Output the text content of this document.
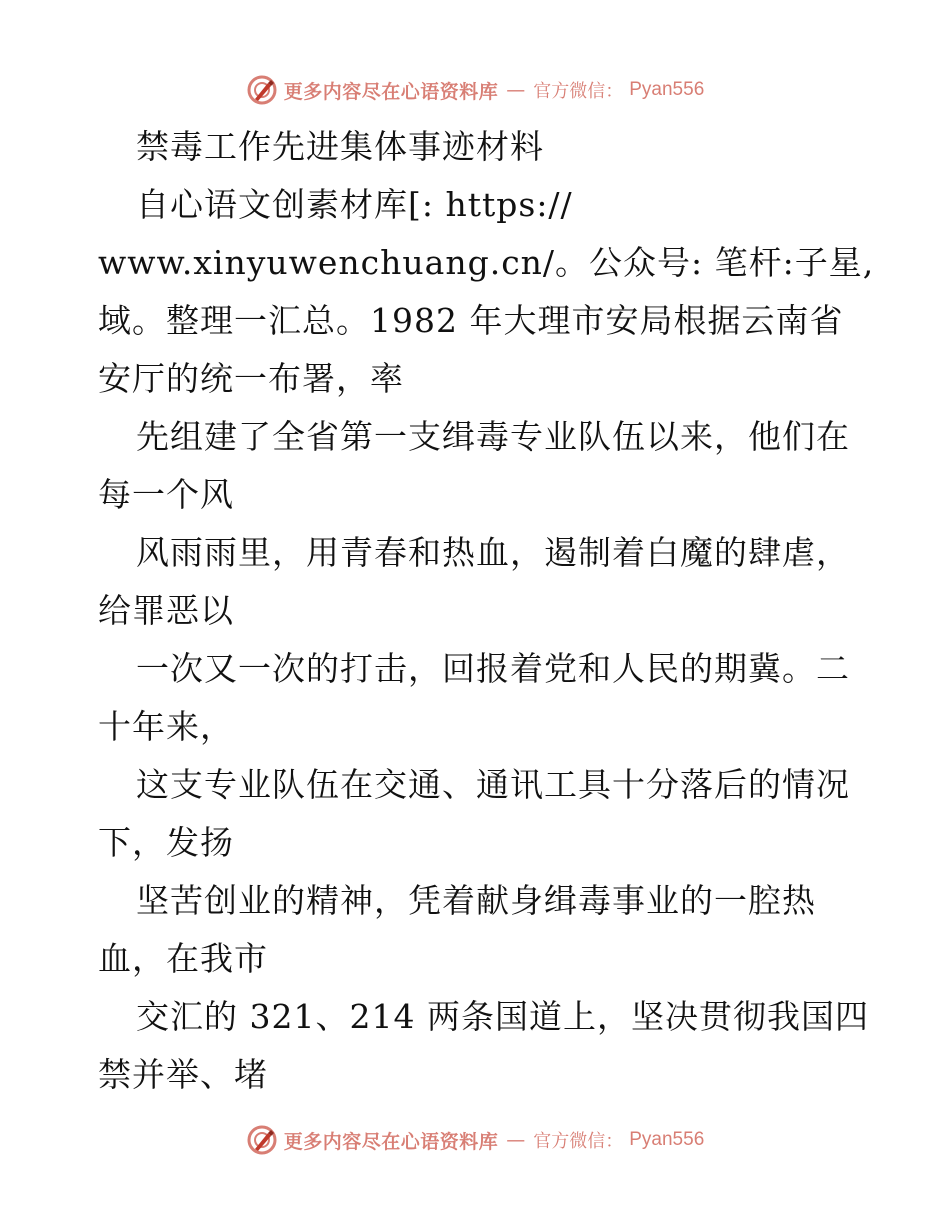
更多内容尽在心语资料库 — 官方微信： Pyan556
禁毒工作先进集体事迹材料
自心语文创素材库[: https://
www.xinyuwenchuang.cn/。公众号: 笔杆:子星,
域。整理一汇总。1982 年大理市安局根据云南省
安厅的统一布署，率
先组建了全省第一支缉毒专业队伍以来，他们在
每一个风
风雨雨里，用青春和热血，遏制着白魔的肆虐，
给罪恶以
一次又一次的打击，回报着党和人民的期冀。二
十年来，
这支专业队伍在交通、通讯工具十分落后的情况
下，发扬
坚苦创业的精神，凭着献身缉毒事业的一腔热
血，在我市
交汇的 321、214 两条国道上，坚决贯彻我国四
禁并举、堵
更多内容尽在心语资料库 — 官方微信： Pyan556
